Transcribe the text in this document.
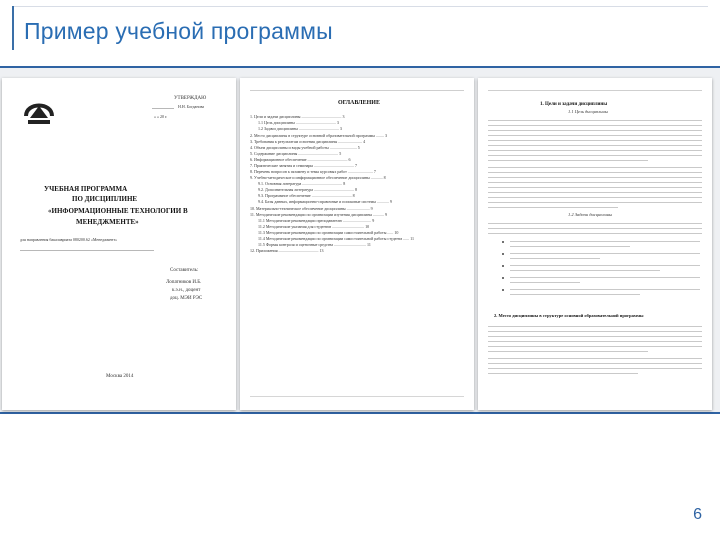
Пример учебной программы
УТВЕРЖДАЮ
Н.Н. Богданова
« » 20 г.
УЧЕБНАЯ ПРОГРАММА
ПО ДИСЦИПЛИНЕ
«ИНФОРМАЦИОННЫЕ ТЕХНОЛОГИИ В
МЕНЕДЖМЕНТЕ»
для направления бакалавриата 080200.62 «Менеджмент»
Составитель:
Лопатников И.Б.
к.э.н., доцент
доц. МЭИ РЭС
Москва 2014
ОГЛАВЛЕНИЕ
1. Цели и задачи дисциплины ........................................ 3
1.1 Цель дисциплины ........................................ 3
1.2 Задачи дисциплины ........................................ 3
2. Место дисциплины в структуре основной образовательной программы ........ 3
3. Требования к результатам освоения дисциплины ........................ 4
4. Объем дисциплины и виды учебной работы ........................... 5
5. Содержание дисциплины ........................................ 5
6. Информационное обеспечение ........................................ 6
7. Практические занятия и семинары ........................................ 7
8. Перечень вопросов к экзамену и темы курсовых работ ......................... 7
9. Учебно-методическое и информационное обеспечение дисциплины ............ 8
9.1. Основная литература ........................................ 8
9.2. Дополнительная литература ........................................ 8
9.3. Программное обеспечение ........................................ 8
9.4. Базы данных, информационно-справочные и поисковые системы ............ 9
10. Материально-техническое обеспечение дисциплины ....................... 9
11. Методические рекомендации по организации изучения дисциплины ........... 9
11.1 Методические рекомендации преподавателю ............................ 9
11.2 Методические указания для студентов ................................ 10
11.3 Методические рекомендации по организации самостоятельной работы ...... 10
11.4 Методические рекомендации по организации самостоятельной работы студента ...... 11
11.5 Формы контроля и оценочные средства ................................ 11
12. Приложения ........................................ 13
1. Цели и задачи дисциплины
1.1 Цель дисциплины
1.2 Задачи дисциплины
2. Место дисциплины в структуре основной образовательной программы
6
